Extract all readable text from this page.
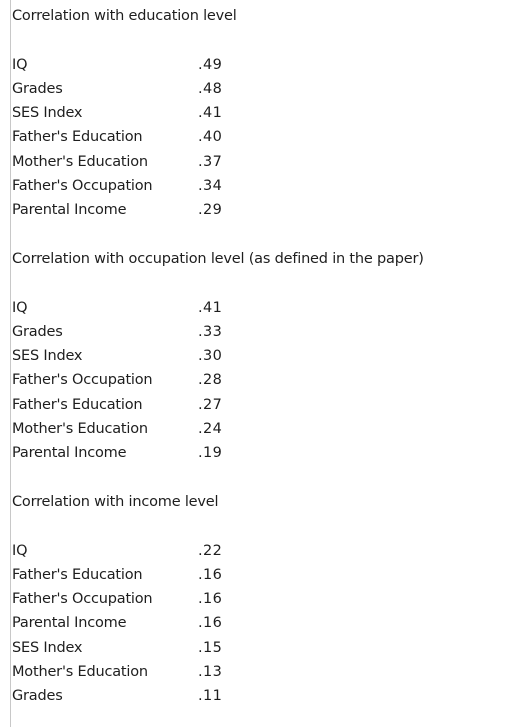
Correlation with education level
IQ	.49
Grades	.48
SES Index	.41
Father's Education	.40
Mother's Education	.37
Father's Occupation	.34
Parental Income	.29
Correlation with occupation level (as defined in the paper)
IQ	.41
Grades	.33
SES Index	.30
Father's Occupation	.28
Father's Education	.27
Mother's Education	.24
Parental Income	.19
Correlation with income level
IQ	.22
Father's Education	.16
Father's Occupation	.16
Parental Income	.16
SES Index	.15
Mother's Education	.13
Grades	.11
